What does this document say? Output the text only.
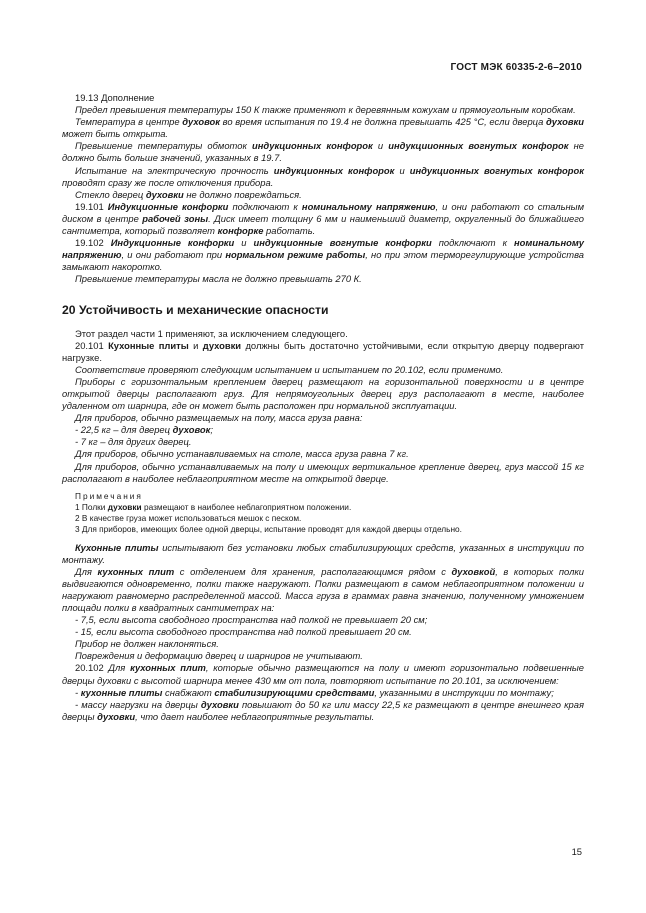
ГОСТ МЭК 60335-2-6–2010

19.13 Дополнение

Предел превышения температуры 150 К также применяют к деревянным кожухам и прямоугольным коробкам.

Температура в центре духовок во время испытания по 19.4 не должна превышать 425 °С, если дверца духовки может быть открыта.

Превышение температуры обмоток индукционных конфорок и индукциионных вогнутых конфорок не должно быть больше значений, указанных в 19.7.

Испытание на электрическую прочность индукционных конфорок и индукционных вогнутых конфорок проводят сразу же после отключения прибора.

Стекло дверец духовки не должно повреждаться.

19.101 Индукционные конфорки подключают к номинальному напряжению, и они работают со стальным диском в центре рабочей зоны. Диск имеет толщину 6 мм и наименьший диаметр, округленный до ближайшего сантиметра, который позволяет конфорке работать.

19.102 Индукционные конфорки и индукционные вогнутые конфорки подключают к номинальному напряжению, и они работают при нормальном режиме работы, но при этом терморегулирующие устройства замыкают накоротко.

Превышение температуры масла не должно превышать 270 К.

20 Устойчивость и механические опасности

Этот раздел части 1 применяют, за исключением следующего.

20.101 Кухонные плиты и духовки должны быть достаточно устойчивыми, если открытую дверцу подвергают нагрузке.

Соответствие проверяют следующим испытанием и испытанием по 20.102, если применимо.

Приборы с горизонтальным креплением дверец размещают на горизонтальной поверхности и в центре открытой дверцы располагают груз. Для непрямоугольных дверец груз располагают в месте, наиболее удаленном от шарнира, где он может быть расположен при нормальной эксплуатации.

Для приборов, обычно размещаемых на полу, масса груза равна:

- 22,5 кг – для дверец духовок;

- 7 кг – для других дверец.

Для приборов, обычно устанавливаемых на столе, масса груза равна 7 кг.

Для приборов, обычно устанавливаемых на полу и имеющих вертикальное крепление дверец, груз массой 15 кг располагают в наиболее неблагоприятном месте на открытой дверце.

Примечания

1 Полки духовки размещают в наиболее неблагоприятном положении.

2 В качестве груза может использоваться мешок с песком.

3 Для приборов, имеющих более одной дверцы, испытание проводят для каждой дверцы отдельно.

Кухонные плиты испытывают без установки любых стабилизирующих средств, указанных в инструкции по монтажу.

Для кухонных плит с отделением для хранения, располагающимся рядом с духовкой, в которых полки выдвигаются одновременно, полки также нагружают. Полки размещают в самом неблагоприятном положении и нагружают равномерно распределенной массой. Масса груза в граммах равна значению, полученному умножением площади полки в квадратных сантиметрах на:

- 7,5, если высота свободного пространства над полкой не превышает 20 см;

- 15, если высота свободного пространства над полкой превышает 20 см.

Прибор не должен наклоняться.

Повреждения и деформацию дверец и шарниров не учитывают.

20.102 Для кухонных плит, которые обычно размещаются на полу и имеют горизонтально подвешенные дверцы духовки с высотой шарнира менее 430 мм от пола, повторяют испытание по 20.101, за исключением:

- кухонные плиты снабжают стабилизирующими средствами, указанными в инструкции по монтажу;

- массу нагрузки на дверцы духовки повышают до 50 кг или массу 22,5 кг размещают в центре внешнего края дверцы духовки, что дает наиболее неблагоприятные результаты.

15
